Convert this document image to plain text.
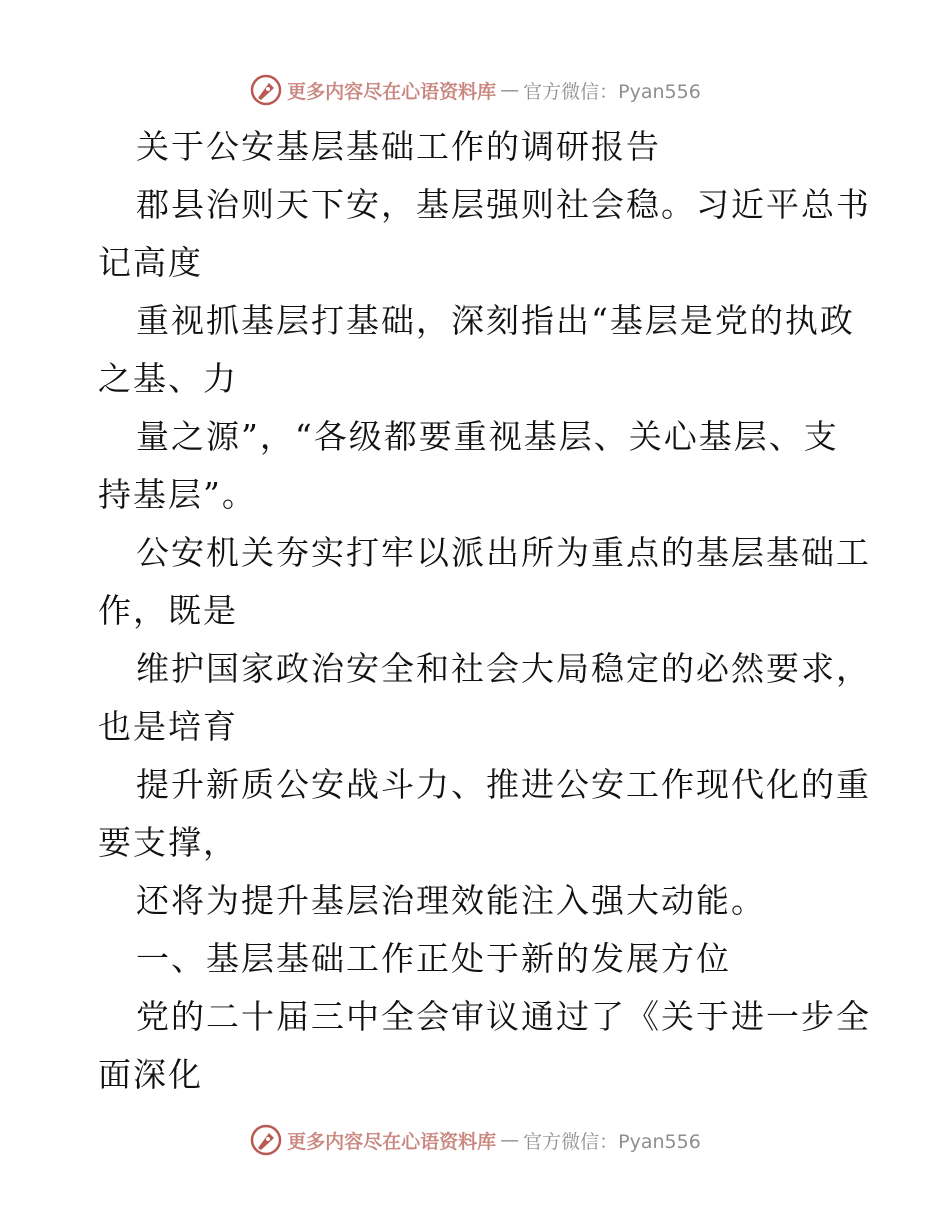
更多内容尽在心语资料库 — 官方微信：Pyan556

关于公安基层基础工作的调研报告

郡县治则天下安，基层强则社会稳。习近平总书

记高度

重视抓基层打基础，深刻指出“基层是党的执政

之基、力

量之源”，“各级都要重视基层、关心基层、支

持基层”。

公安机关夯实打牢以派出所为重点的基层基础工

作，既是

维护国家政治安全和社会大局稳定的必然要求，

也是培育

提升新质公安战斗力、推进公安工作现代化的重

要支撑，

还将为提升基层治理效能注入强大动能。

一、基层基础工作正处于新的发展方位

党的二十届三中全会审议通过了《关于进一步全

面深化

更多内容尽在心语资料库 — 官方微信：Pyan556
